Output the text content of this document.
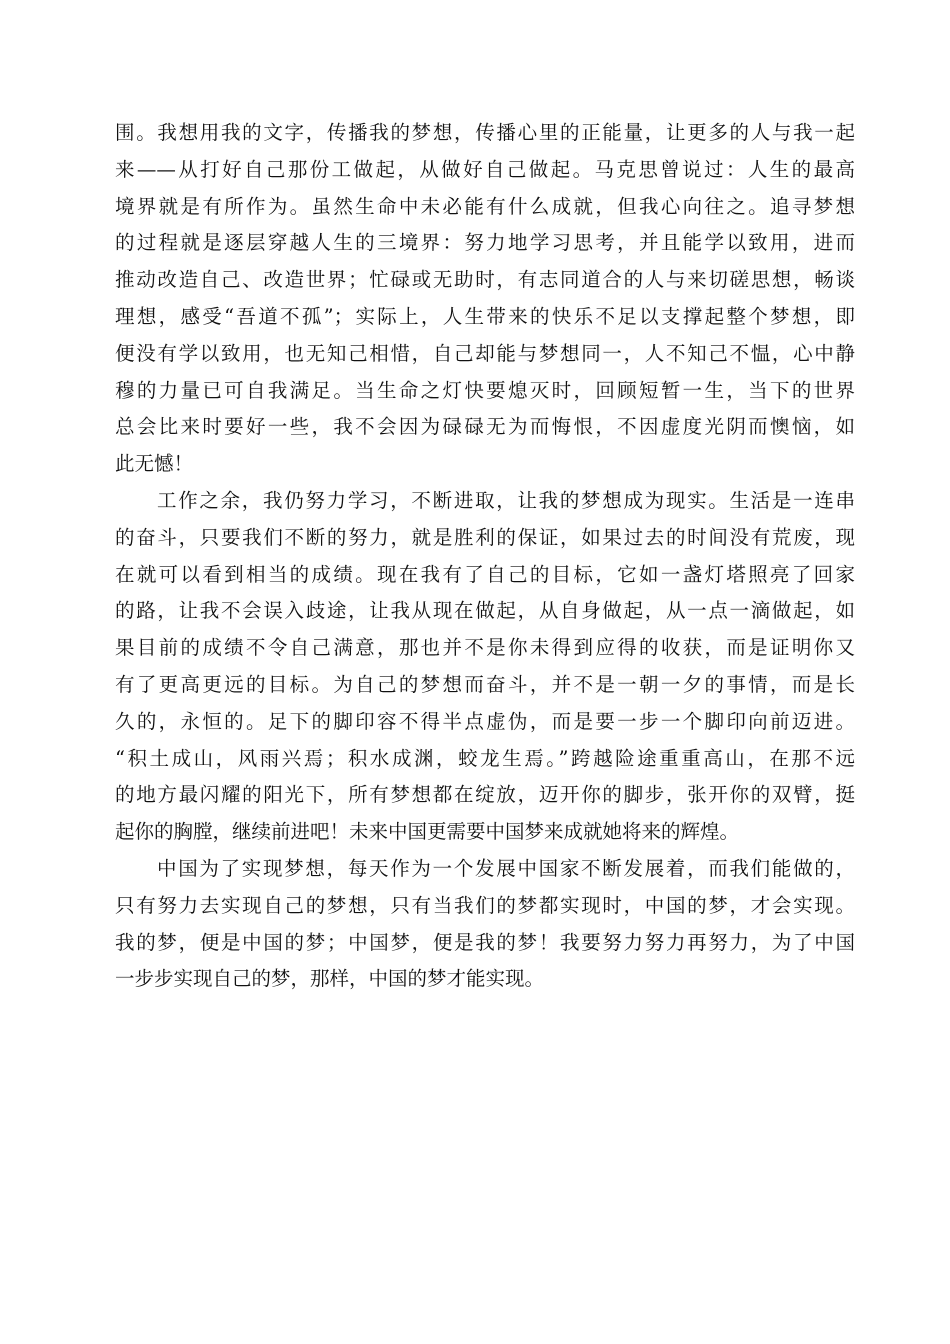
围。我想用我的文字，传播我的梦想，传播心里的正能量，让更多的人与我一起
来——从打好自己那份工做起，从做好自己做起。马克思曾说过：人生的最高
境界就是有所作为。虽然生命中未必能有什么成就，但我心向往之。追寻梦想
的过程就是逐层穿越人生的三境界：努力地学习思考，并且能学以致用，进而
推动改造自己、改造世界；忙碌或无助时，有志同道合的人与来切磋思想，畅谈
理想，感受“吾道不孤”；实际上，人生带来的快乐不足以支撑起整个梦想，即
便没有学以致用，也无知己相惜，自己却能与梦想同一，人不知己不愠，心中静
穆的力量已可自我满足。当生命之灯快要熄灭时，回顾短暂一生，当下的世界
总会比来时要好一些，我不会因为碌碌无为而悔恨，不因虚度光阴而懊恼，如
此无憾！
工作之余，我仍努力学习，不断进取，让我的梦想成为现实。生活是一连串
的奋斗，只要我们不断的努力，就是胜利的保证，如果过去的时间没有荒废，现
在就可以看到相当的成绩。现在我有了自己的目标，它如一盏灯塔照亮了回家
的路，让我不会误入歧途，让我从现在做起，从自身做起，从一点一滴做起，如
果目前的成绩不令自己满意，那也并不是你未得到应得的收获，而是证明你又
有了更高更远的目标。为自己的梦想而奋斗，并不是一朝一夕的事情，而是长
久的，永恒的。足下的脚印容不得半点虚伪，而是要一步一个脚印向前迈进。
“积土成山，风雨兴焉；积水成渊，蛟龙生焉。”跨越险途重重高山，在那不远
的地方最闪耀的阳光下，所有梦想都在绽放，迈开你的脚步，张开你的双臂，挺
起你的胸膛，继续前进吧！未来中国更需要中国梦来成就她将来的辉煌。
中国为了实现梦想，每天作为一个发展中国家不断发展着，而我们能做的，
只有努力去实现自己的梦想，只有当我们的梦都实现时，中国的梦，才会实现。
我的梦，便是中国的梦；中国梦，便是我的梦！我要努力努力再努力，为了中国
一步步实现自己的梦，那样，中国的梦才能实现。
